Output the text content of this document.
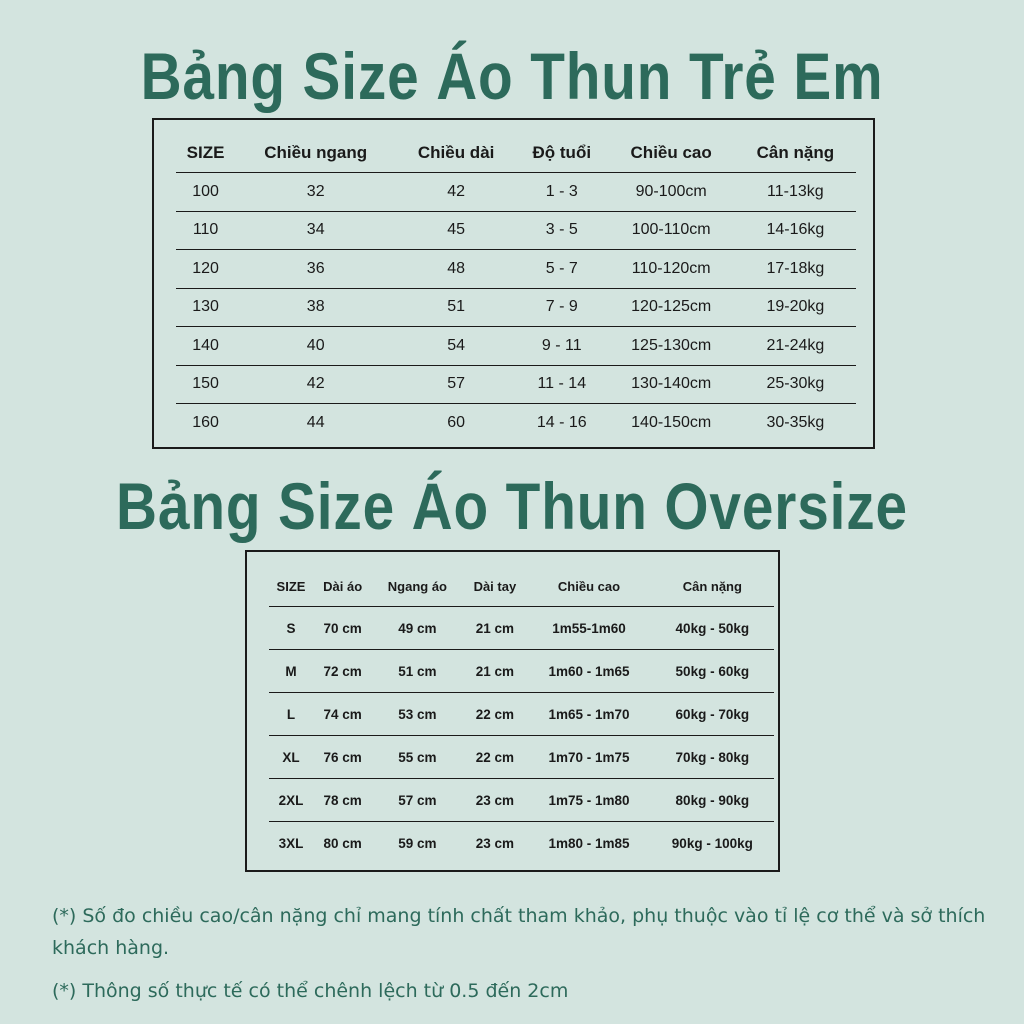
Bảng Size Áo Thun Trẻ Em
SIZE	Chiều ngang	Chiều dài	Độ tuổi	Chiều cao	Cân nặng
100	32	42	1 - 3	90-100cm	11-13kg
110	34	45	3 - 5	100-110cm	14-16kg
120	36	48	5 - 7	110-120cm	17-18kg
130	38	51	7 - 9	120-125cm	19-20kg
140	40	54	9 - 11	125-130cm	21-24kg
150	42	57	11 - 14	130-140cm	25-30kg
160	44	60	14 - 16	140-150cm	30-35kg
Bảng Size Áo Thun Oversize
SIZE	Dài áo	Ngang áo	Dài tay	Chiều cao	Cân nặng
S	70 cm	49 cm	21 cm	1m55-1m60	40kg - 50kg
M	72 cm	51 cm	21 cm	1m60 - 1m65	50kg - 60kg
L	74 cm	53 cm	22 cm	1m65 - 1m70	60kg - 70kg
XL	76 cm	55 cm	22 cm	1m70 - 1m75	70kg - 80kg
2XL	78 cm	57 cm	23 cm	1m75 - 1m80	80kg - 90kg
3XL	80 cm	59 cm	23 cm	1m80 - 1m85	90kg - 100kg
(*) Số đo chiều cao/cân nặng chỉ mang tính chất tham khảo, phụ thuộc vào tỉ lệ cơ thể và sở thích khách hàng.
(*) Thông số thực tế có thể chênh lệch từ 0.5 đến 2cm
